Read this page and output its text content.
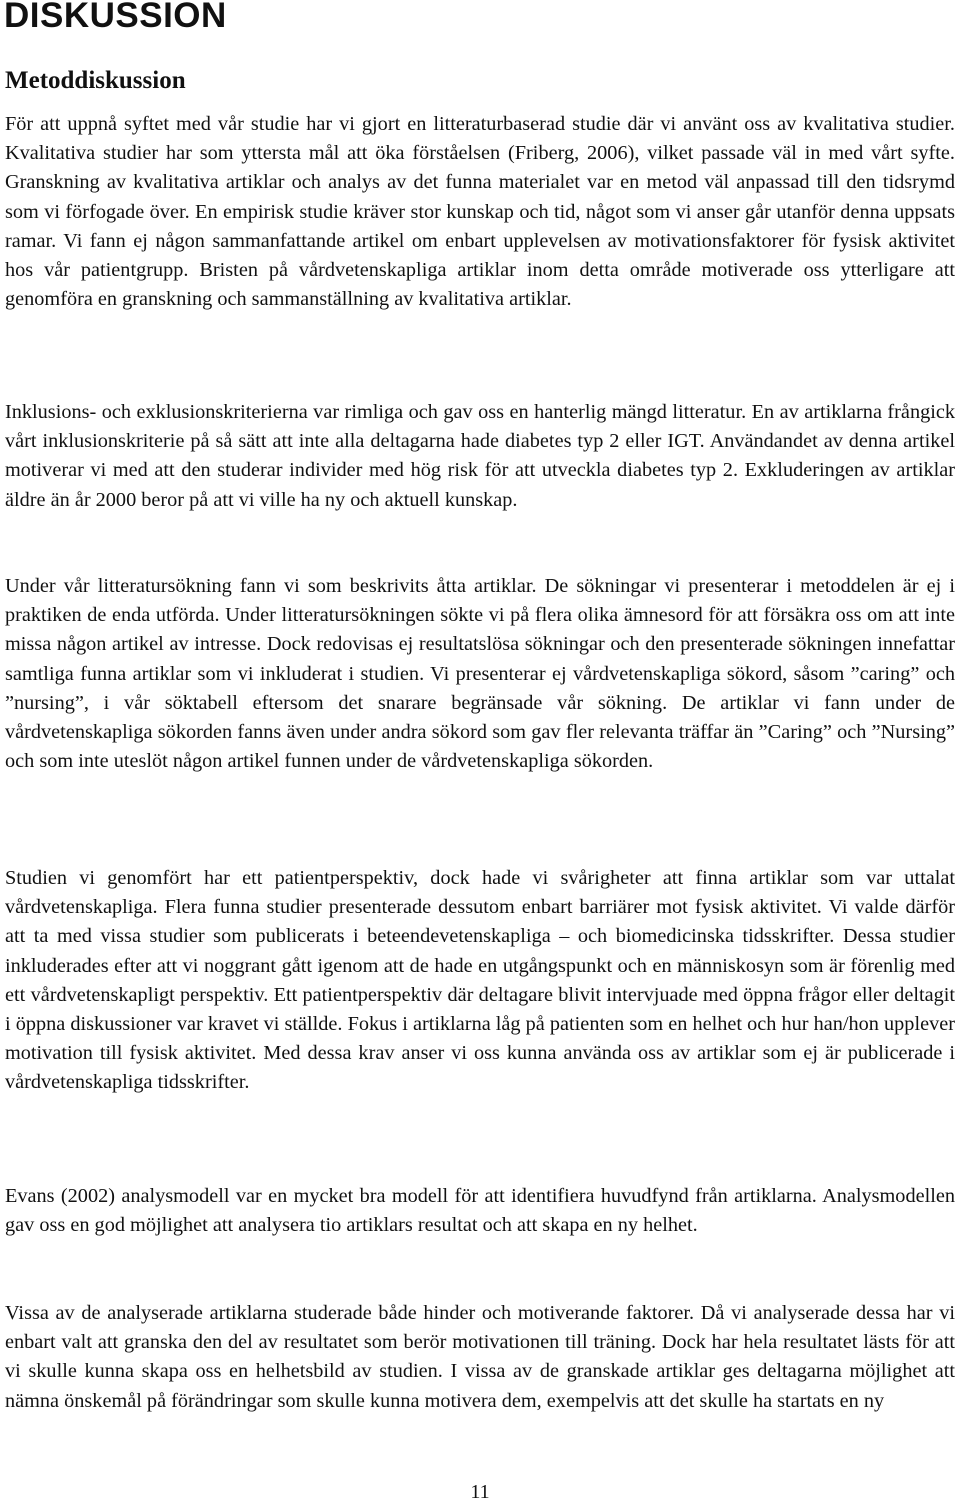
DISKUSSION
Metoddiskussion

För att uppnå syftet med vår studie har vi gjort en litteraturbaserad studie där vi använt oss av kvalitativa studier. Kvalitativa studier har som yttersta mål att öka förståelsen (Friberg, 2006), vilket passade väl in med vårt syfte. Granskning av kvalitativa artiklar och analys av det funna materialet var en metod väl anpassad till den tidsrymd som vi förfogade över. En empirisk studie kräver stor kunskap och tid, något som vi anser går utanför denna uppsats ramar. Vi fann ej någon sammanfattande artikel om enbart upplevelsen av motivationsfaktorer för fysisk aktivitet hos vår patientgrupp. Bristen på vårdvetenskapliga artiklar inom detta område motiverade oss ytterligare att genomföra en granskning och sammanställning av kvalitativa artiklar.

Inklusions- och exklusionskriterierna var rimliga och gav oss en hanterlig mängd litteratur. En av artiklarna frångick vårt inklusionskriterie på så sätt att inte alla deltagarna hade diabetes typ 2 eller IGT. Användandet av denna artikel motiverar vi med att den studerar individer med hög risk för att utveckla diabetes typ 2. Exkluderingen av artiklar äldre än år 2000 beror på att vi ville ha ny och aktuell kunskap.

Under vår litteratursökning fann vi som beskrivits åtta artiklar. De sökningar vi presenterar i metoddelen är ej i praktiken de enda utförda. Under litteratursökningen sökte vi på flera olika ämnesord för att försäkra oss om att inte missa någon artikel av intresse. Dock redovisas ej resultatslösa sökningar och den presenterade sökningen innefattar samtliga funna artiklar som vi inkluderat i studien. Vi presenterar ej vårdvetenskapliga sökord, såsom ”caring” och ”nursing”, i vår söktabell eftersom det snarare begränsade vår sökning. De artiklar vi fann under de vårdvetenskapliga sökorden fanns även under andra sökord som gav fler relevanta träffar än ”Caring” och ”Nursing” och som inte uteslöt någon artikel funnen under de vårdvetenskapliga sökorden.

Studien vi genomfört har ett patientperspektiv, dock hade vi svårigheter att finna artiklar som var uttalat vårdvetenskapliga. Flera funna studier presenterade dessutom enbart barriärer mot fysisk aktivitet. Vi valde därför att ta med vissa studier som publicerats i beteendevetenskapliga – och biomedicinska tidsskrifter. Dessa studier inkluderades efter att vi noggrant gått igenom att de hade en utgångspunkt och en människosyn som är förenlig med ett vårdvetenskapligt perspektiv. Ett patientperspektiv där deltagare blivit intervjuade med öppna frågor eller deltagit i öppna diskussioner var kravet vi ställde. Fokus i artiklarna låg på patienten som en helhet och hur han/hon upplever motivation till fysisk aktivitet. Med dessa krav anser vi oss kunna använda oss av artiklar som ej är publicerade i vårdvetenskapliga tidsskrifter.

Evans (2002) analysmodell var en mycket bra modell för att identifiera huvudfynd från artiklarna. Analysmodellen gav oss en god möjlighet att analysera tio artiklars resultat och att skapa en ny helhet.

Vissa av de analyserade artiklarna studerade både hinder och motiverande faktorer. Då vi analyserade dessa har vi enbart valt att granska den del av resultatet som berör motivationen till träning. Dock har hela resultatet lästs för att vi skulle kunna skapa oss en helhetsbild av studien. I vissa av de granskade artiklar ges deltagarna möjlighet att nämna önskemål på förändringar som skulle kunna motivera dem, exempelvis att det skulle ha startats en ny

11
